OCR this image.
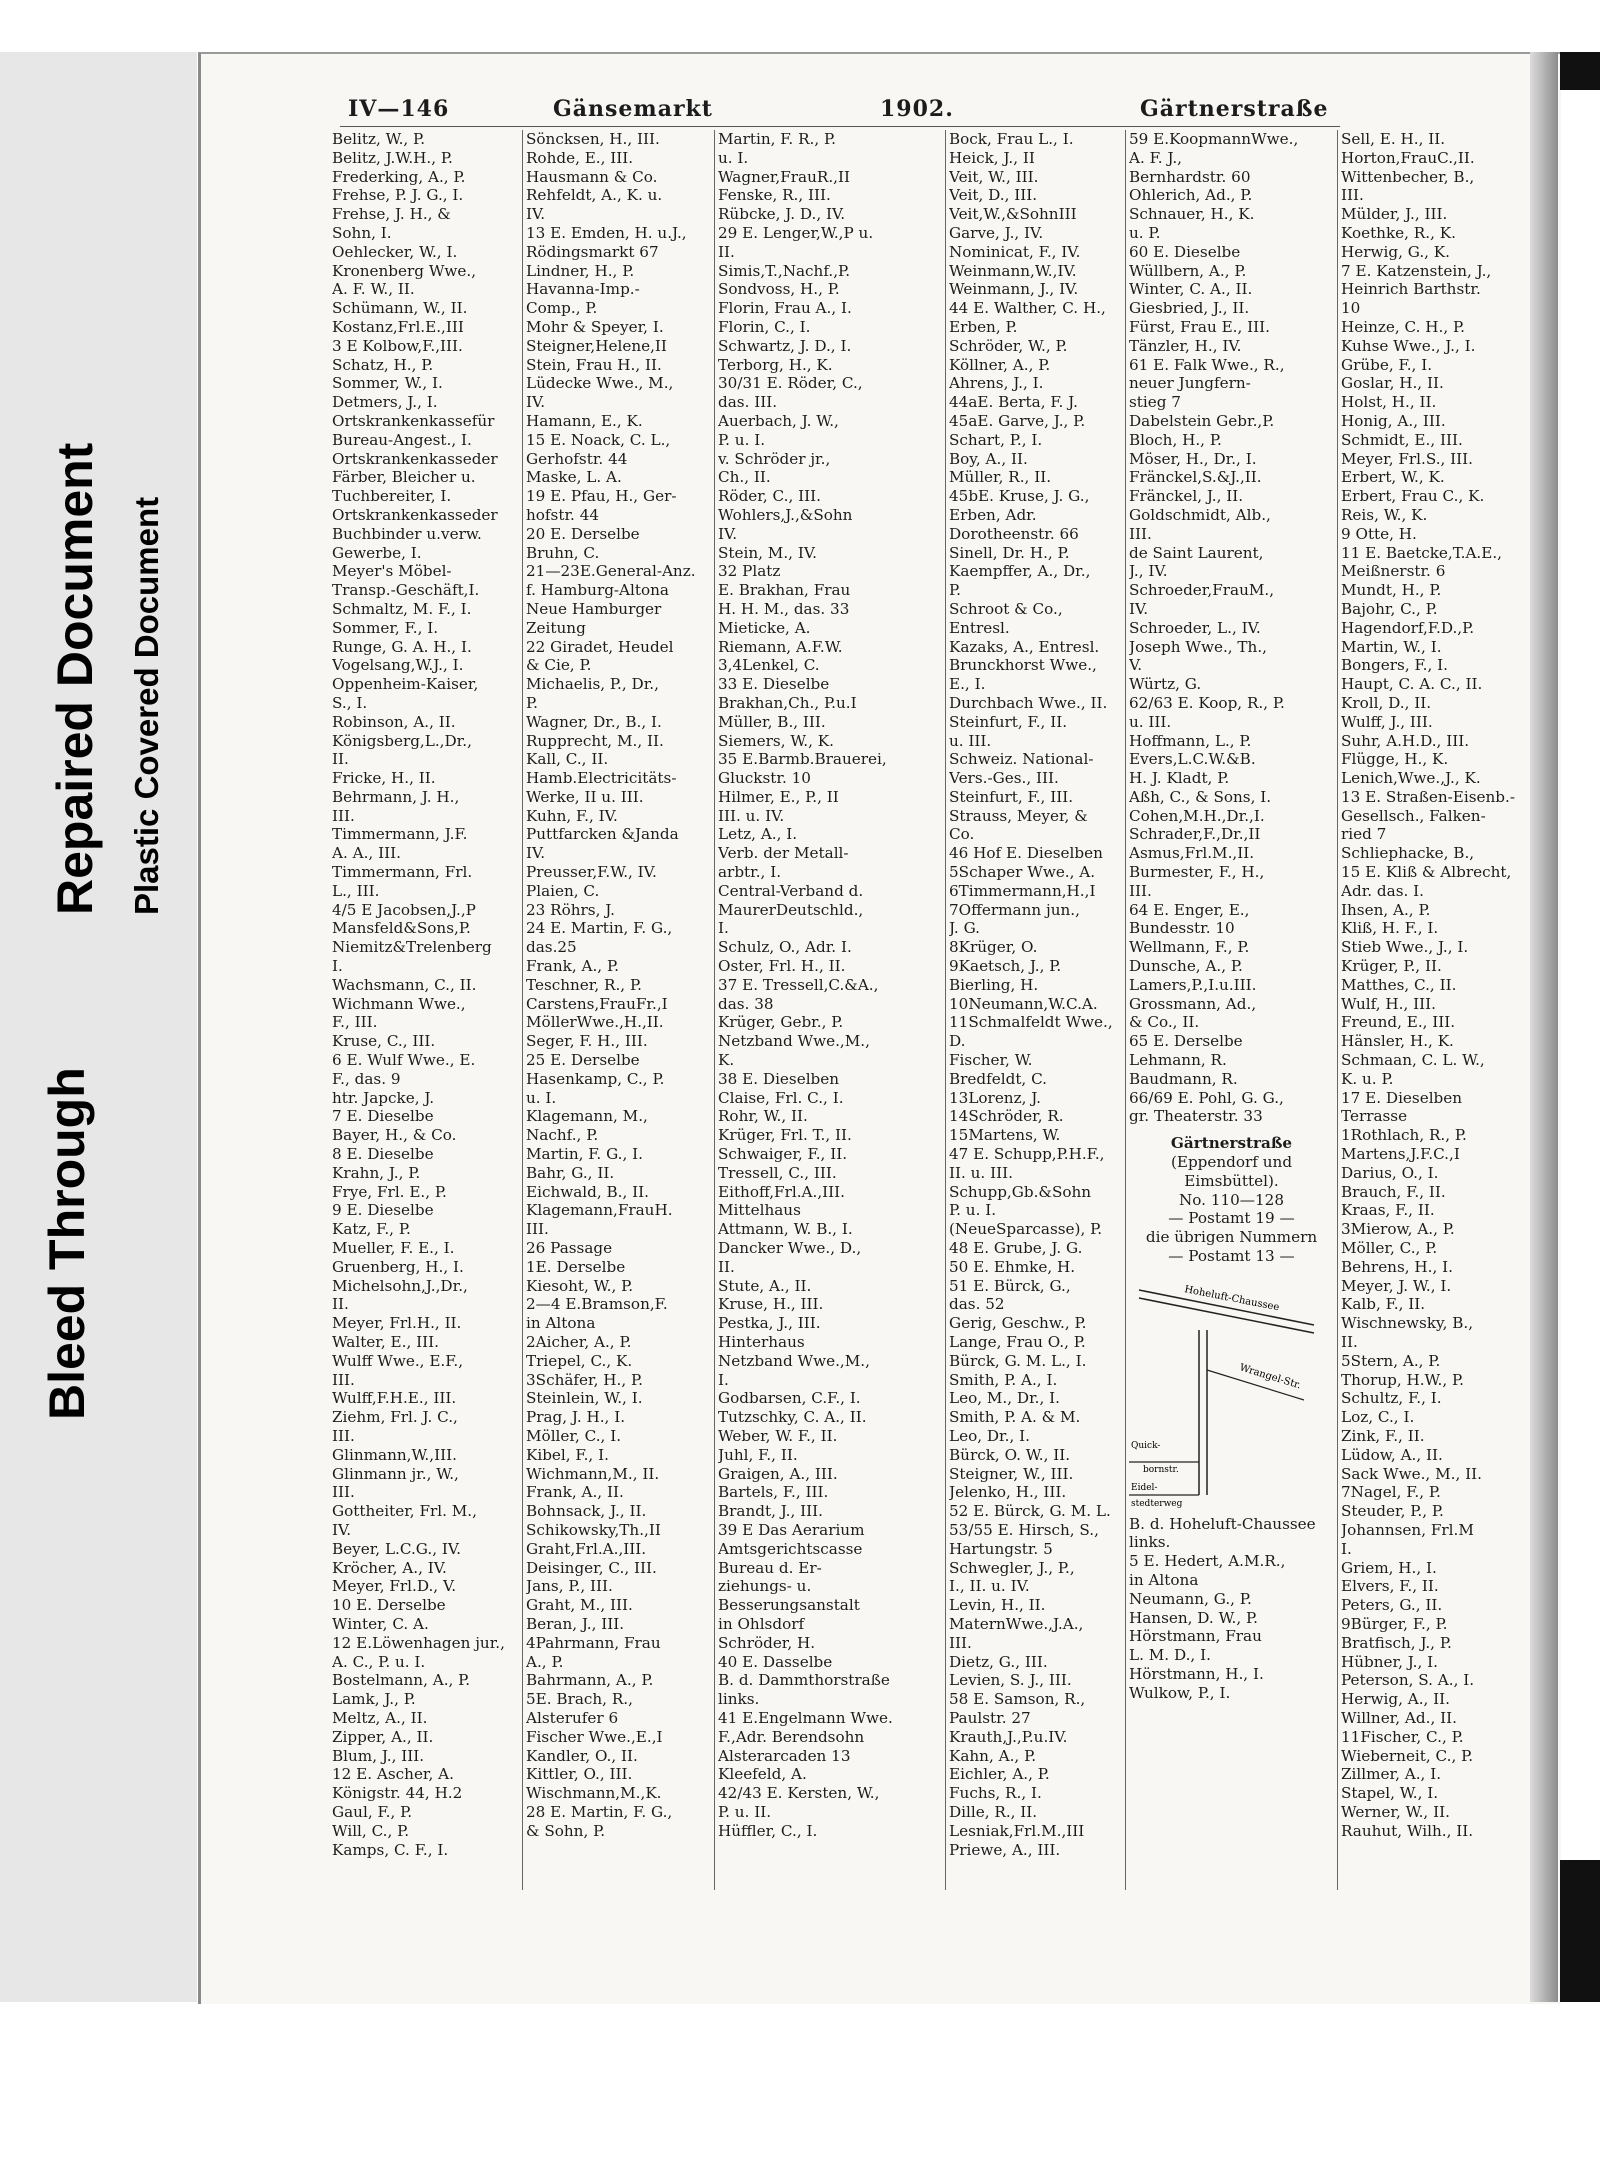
Bleed Through
Repaired Document Plastic Covered Document
IV—146	Gänsemarkt	1902.	Gärtnerstraße
Belitz, W., P.
Belitz, J.W.H., P.
Frederking, A., P.
Frehse, P. J. G., I.
Frehse, J. H., &
Sohn, I.
Oehlecker, W., I.
Kronenberg Wwe.,
A. F. W., II.
Schümann, W., II.
Kostanz,Frl.E.,III
3 E Kolbow,F.,III.
Schatz, H., P.
Sommer, W., I.
Detmers, J., I.
Ortskrankenkassefür
Bureau-Angest., I.
Ortskrankenkasseder
Färber, Bleicher u.
Tuchbereiter, I.
Ortskrankenkasseder
Buchbinder u.verw.
Gewerbe, I.
Meyer's Möbel-
Transp.-Geschäft,I.
Schmaltz, M. F., I.
Sommer, F., I.
Runge, G. A. H., I.
Vogelsang,W.J., I.
Oppenheim-Kaiser,
S., I.
Robinson, A., II.
Königsberg,L.,Dr.,
II.
Fricke, H., II.
Behrmann, J. H.,
III.
Timmermann, J.F.
A. A., III.
Timmermann, Frl.
L., III.
4/5 E Jacobsen,J.,P
Mansfeld&Sons,P.
Niemitz&Trelenberg
I.
Wachsmann, C., II.
Wichmann Wwe.,
F., III.
Kruse, C., III.
6 E. Wulf Wwe., E.
F., das. 9
htr. Japcke, J.
7 E. Dieselbe
Bayer, H., & Co.
8 E. Dieselbe
Krahn, J., P.
Frye, Frl. E., P.
9 E. Dieselbe
Katz, F., P.
Mueller, F. E., I.
Gruenberg, H., I.
Michelsohn,J.,Dr.,
II.
Meyer, Frl.H., II.
Walter, E., III.
Wulff Wwe., E.F.,
III.
Wulff,F.H.E., III.
Ziehm, Frl. J. C.,
III.
Glinmann,W.,III.
Glinmann jr., W.,
III.
Gottheiter, Frl. M.,
IV.
Beyer, L.C.G., IV.
Kröcher, A., IV.
Meyer, Frl.D., V.
10 E. Derselbe
Winter, C. A.
12 E.Löwenhagen jur.,
A. C., P. u. I.
Bostelmann, A., P.
Lamk, J., P.
Meltz, A., II.
Zipper, A., II.
Blum, J., III.
12 E. Ascher, A.
Königstr. 44, H.2
Gaul, F., P.
Will, C., P.
Kamps, C. F., I.
Söncksen, H., III.
Rohde, E., III.
Hausmann & Co.
Rehfeldt, A., K. u.
IV.
13 E. Emden, H. u.J.,
Rödingsmarkt 67
Lindner, H., P.
Havanna-Imp.-
Comp., P.
Mohr & Speyer, I.
Steigner,Helene,II
Stein, Frau H., II.
Lüdecke Wwe., M.,
IV.
Hamann, E., K.
15 E. Noack, C. L.,
Gerhofstr. 44
Maske, L. A.
19 E. Pfau, H., Ger-
hofstr. 44
20 E. Derselbe
Bruhn, C.
21—23E.General-Anz.
f. Hamburg-Altona
Neue Hamburger
Zeitung
22 Giradet, Heudel
& Cie, P.
Michaelis, P., Dr.,
P.
Wagner, Dr., B., I.
Rupprecht, M., II.
Kall, C., II.
Hamb.Electricitäts-
Werke, II u. III.
Kuhn, F., IV.
Puttfarcken &Janda
IV.
Preusser,F.W., IV.
Plaien, C.
23 Röhrs, J.
24 E. Martin, F. G.,
das.25
Frank, A., P.
Teschner, R., P.
Carstens,FrauFr.,I
MöllerWwe.,H.,II.
Seger, F. H., III.
25 E. Derselbe
Hasenkamp, C., P.
u. I.
Klagemann, M.,
Nachf., P.
Martin, F. G., I.
Bahr, G., II.
Eichwald, B., II.
Klagemann,FrauH.
III.
26 Passage
1E. Derselbe
Kiesoht, W., P.
2—4 E.Bramson,F.
in Altona
2Aicher, A., P.
Triepel, C., K.
3Schäfer, H., P.
Steinlein, W., I.
Prag, J. H., I.
Möller, C., I.
Kibel, F., I.
Wichmann,M., II.
Frank, A., II.
Bohnsack, J., II.
Schikowsky,Th.,II
Graht,Frl.A.,III.
Deisinger, C., III.
Jans, P., III.
Graht, M., III.
Beran, J., III.
4Pahrmann, Frau
A., P.
Bahrmann, A., P.
5E. Brach, R.,
Alsterufer 6
Fischer Wwe.,E.,I
Kandler, O., II.
Kittler, O., III.
Wischmann,M.,K.
28 E. Martin, F. G.,
& Sohn, P.
Martin, F. R., P.
u. I.
Wagner,FrauR.,II
Fenske, R., III.
Rübcke, J. D., IV.
29 E. Lenger,W.,P u.
II.
Simis,T.,Nachf.,P.
Sondvoss, H., P.
Florin, Frau A., I.
Florin, C., I.
Schwartz, J. D., I.
Terborg, H., K.
30/31 E. Röder, C.,
das. III.
Auerbach, J. W.,
P. u. I.
v. Schröder jr.,
Ch., II.
Röder, C., III.
Wohlers,J.,&Sohn
IV.
Stein, M., IV.
32 Platz
E. Brakhan, Frau
H. H. M., das. 33
Mieticke, A.
Riemann, A.F.W.
3,4Lenkel, C.
33 E. Dieselbe
Brakhan,Ch., P.u.I
Müller, B., III.
Siemers, W., K.
35 E.Barmb.Brauerei,
Gluckstr. 10
Hilmer, E., P., II
III. u. IV.
Letz, A., I.
Verb. der Metall-
arbtr., I.
Central-Verband d.
MaurerDeutschld.,
I.
Schulz, O., Adr. I.
Oster, Frl. H., II.
37 E. Tressell,C.&A.,
das. 38
Krüger, Gebr., P.
Netzband Wwe.,M.,
K.
38 E. Dieselben
Claise, Frl. C., I.
Rohr, W., II.
Krüger, Frl. T., II.
Schwaiger, F., II.
Tressell, C., III.
Eithoff,Frl.A.,III.
Mittelhaus
Attmann, W. B., I.
Dancker Wwe., D.,
II.
Stute, A., II.
Kruse, H., III.
Pestka, J., III.
Hinterhaus
Netzband Wwe.,M.,
I.
Godbarsen, C.F., I.
Tutzschky, C. A., II.
Weber, W. F., II.
Juhl, F., II.
Graigen, A., III.
Bartels, F., III.
Brandt, J., III.
39 E Das Aerarium
Amtsgerichtscasse
Bureau d. Er-
ziehungs- u.
Besserungsanstalt
in Ohlsdorf
Schröder, H.
40 E. Dasselbe
B. d. Dammthorstraße
links.
41 E.Engelmann Wwe.
F.,Adr. Berendsohn
Alsterarcaden 13
Kleefeld, A.
42/43 E. Kersten, W.,
P. u. II.
Hüffler, C., I.
Bock, Frau L., I.
Heick, J., II
Veit, W., III.
Veit, D., III.
Veit,W.,&SohnIII
Garve, J., IV.
Nominicat, F., IV.
Weinmann,W.,IV.
Weinmann, J., IV.
44 E. Walther, C. H.,
Erben, P.
Schröder, W., P.
Köllner, A., P.
Ahrens, J., I.
44aE. Berta, F. J.
45aE. Garve, J., P.
Schart, P., I.
Boy, A., II.
Müller, R., II.
45bE. Kruse, J. G.,
Erben, Adr.
Dorotheenstr. 66
Sinell, Dr. H., P.
Kaempffer, A., Dr.,
P.
Schroot & Co.,
Entresl.
Kazaks, A., Entresl.
Brunckhorst Wwe.,
E., I.
Durchbach Wwe., II.
Steinfurt, F., II.
u. III.
Schweiz. National-
Vers.-Ges., III.
Steinfurt, F., III.
Strauss, Meyer, &
Co.
46 Hof E. Dieselben
5Schaper Wwe., A.
6Timmermann,H.,I
7Offermann jun.,
J. G.
8Krüger, O.
9Kaetsch, J., P.
Bierling, H.
10Neumann,W.C.A.
11Schmalfeldt Wwe.,
D.
Fischer, W.
Bredfeldt, C.
13Lorenz, J.
14Schröder, R.
15Martens, W.
47 E. Schupp,P.H.F.,
II. u. III.
Schupp,Gb.&Sohn
P. u. I.
(NeueSparcasse), P.
48 E. Grube, J. G.
50 E. Ehmke, H.
51 E. Bürck, G.,
das. 52
Gerig, Geschw., P.
Lange, Frau O., P.
Bürck, G. M. L., I.
Smith, P. A., I.
Leo, M., Dr., I.
Smith, P. A. & M.
Leo, Dr., I.
Bürck, O. W., II.
Steigner, W., III.
Jelenko, H., III.
52 E. Bürck, G. M. L.
53/55 E. Hirsch, S.,
Hartungstr. 5
Schwegler, J., P.,
I., II. u. IV.
Levin, H., II.
MaternWwe.,J.A.,
III.
Dietz, G., III.
Levien, S. J., III.
58 E. Samson, R.,
Paulstr. 27
Krauth,J.,P.u.IV.
Kahn, A., P.
Eichler, A., P.
Fuchs, R., I.
Dille, R., II.
Lesniak,Frl.M.,III
Priewe, A., III.
59 E.KoopmannWwe.,
A. F. J.,
Bernhardstr. 60
Ohlerich, Ad., P.
Schnauer, H., K.
u. P.
60 E. Dieselbe
Wüllbern, A., P.
Winter, C. A., II.
Giesbried, J., II.
Fürst, Frau E., III.
Tänzler, H., IV.
61 E. Falk Wwe., R.,
neuer Jungfern-
stieg 7
Dabelstein Gebr.,P.
Bloch, H., P.
Möser, H., Dr., I.
Fränckel,S.&J.,II.
Fränckel, J., II.
Goldschmidt, Alb.,
III.
de Saint Laurent,
J., IV.
Schroeder,FrauM.,
IV.
Schroeder, L., IV.
Joseph Wwe., Th.,
V.
Würtz, G.
62/63 E. Koop, R., P.
u. III.
Hoffmann, L., P.
Evers,L.C.W.&B.
H. J. Kladt, P.
Aßh, C., & Sons, I.
Cohen,M.H.,Dr.,I.
Schrader,F.,Dr.,II
Asmus,Frl.M.,II.
Burmester, F., H.,
III.
64 E. Enger, E.,
Bundesstr. 10
Wellmann, F., P.
Dunsche, A., P.
Lamers,P.,I.u.III.
Grossmann, Ad.,
& Co., II.
65 E. Derselbe
Lehmann, R.
Baudmann, R.
66/69 E. Pohl, G. G.,
gr. Theaterstr. 33
Gärtnerstraße
(Eppendorf und
Eimsbüttel).
No. 110—128
— Postamt 19 —
die übrigen Nummern
— Postamt 13 —
Hoheluft-Chaussee
Wrangel-Str.
Quick-
bornstr.
Eidel-
stedterweg
B. d. Hoheluft-Chaussee
links.
5 E. Hedert, A.M.R.,
in Altona
Neumann, G., P.
Hansen, D. W., P.
Hörstmann, Frau
L. M. D., I.
Hörstmann, H., I.
Wulkow, P., I.
Sell, E. H., II.
Horton,FrauC.,II.
Wittenbecher, B.,
III.
Mülder, J., III.
Koethke, R., K.
Herwig, G., K.
7 E. Katzenstein, J.,
Heinrich Barthstr.
10
Heinze, C. H., P.
Kuhse Wwe., J., I.
Grübe, F., I.
Goslar, H., II.
Holst, H., II.
Honig, A., III.
Schmidt, E., III.
Meyer, Frl.S., III.
Erbert, W., K.
Erbert, Frau C., K.
Reis, W., K.
9 Otte, H.
11 E. Baetcke,T.A.E.,
Meißnerstr. 6
Mundt, H., P.
Bajohr, C., P.
Hagendorf,F.D.,P.
Martin, W., I.
Bongers, F., I.
Haupt, C. A. C., II.
Kroll, D., II.
Wulff, J., III.
Suhr, A.H.D., III.
Flügge, H., K.
Lenich,Wwe.,J., K.
13 E. Straßen-Eisenb.-
Gesellsch., Falken-
ried 7
Schliephacke, B.,
15 E. Kliß & Albrecht,
Adr. das. I.
Ihsen, A., P.
Kliß, H. F., I.
Stieb Wwe., J., I.
Krüger, P., II.
Matthes, C., II.
Wulf, H., III.
Freund, E., III.
Hänsler, H., K.
Schmaan, C. L. W.,
K. u. P.
17 E. Dieselben
Terrasse
1Rothlach, R., P.
Martens,J.F.C.,I
Darius, O., I.
Brauch, F., II.
Kraas, F., II.
3Mierow, A., P.
Möller, C., P.
Behrens, H., I.
Meyer, J. W., I.
Kalb, F., II.
Wischnewsky, B.,
II.
5Stern, A., P.
Thorup, H.W., P.
Schultz, F., I.
Loz, C., I.
Zink, F., II.
Lüdow, A., II.
Sack Wwe., M., II.
7Nagel, F., P.
Steuder, P., P.
Johannsen, Frl.M
I.
Griem, H., I.
Elvers, F., II.
Peters, G., II.
9Bürger, F., P.
Bratfisch, J., P.
Hübner, J., I.
Peterson, S. A., I.
Herwig, A., II.
Willner, Ad., II.
11Fischer, C., P.
Wieberneit, C., P.
Zillmer, A., I.
Stapel, W., I.
Werner, W., II.
Rauhut, Wilh., II.
